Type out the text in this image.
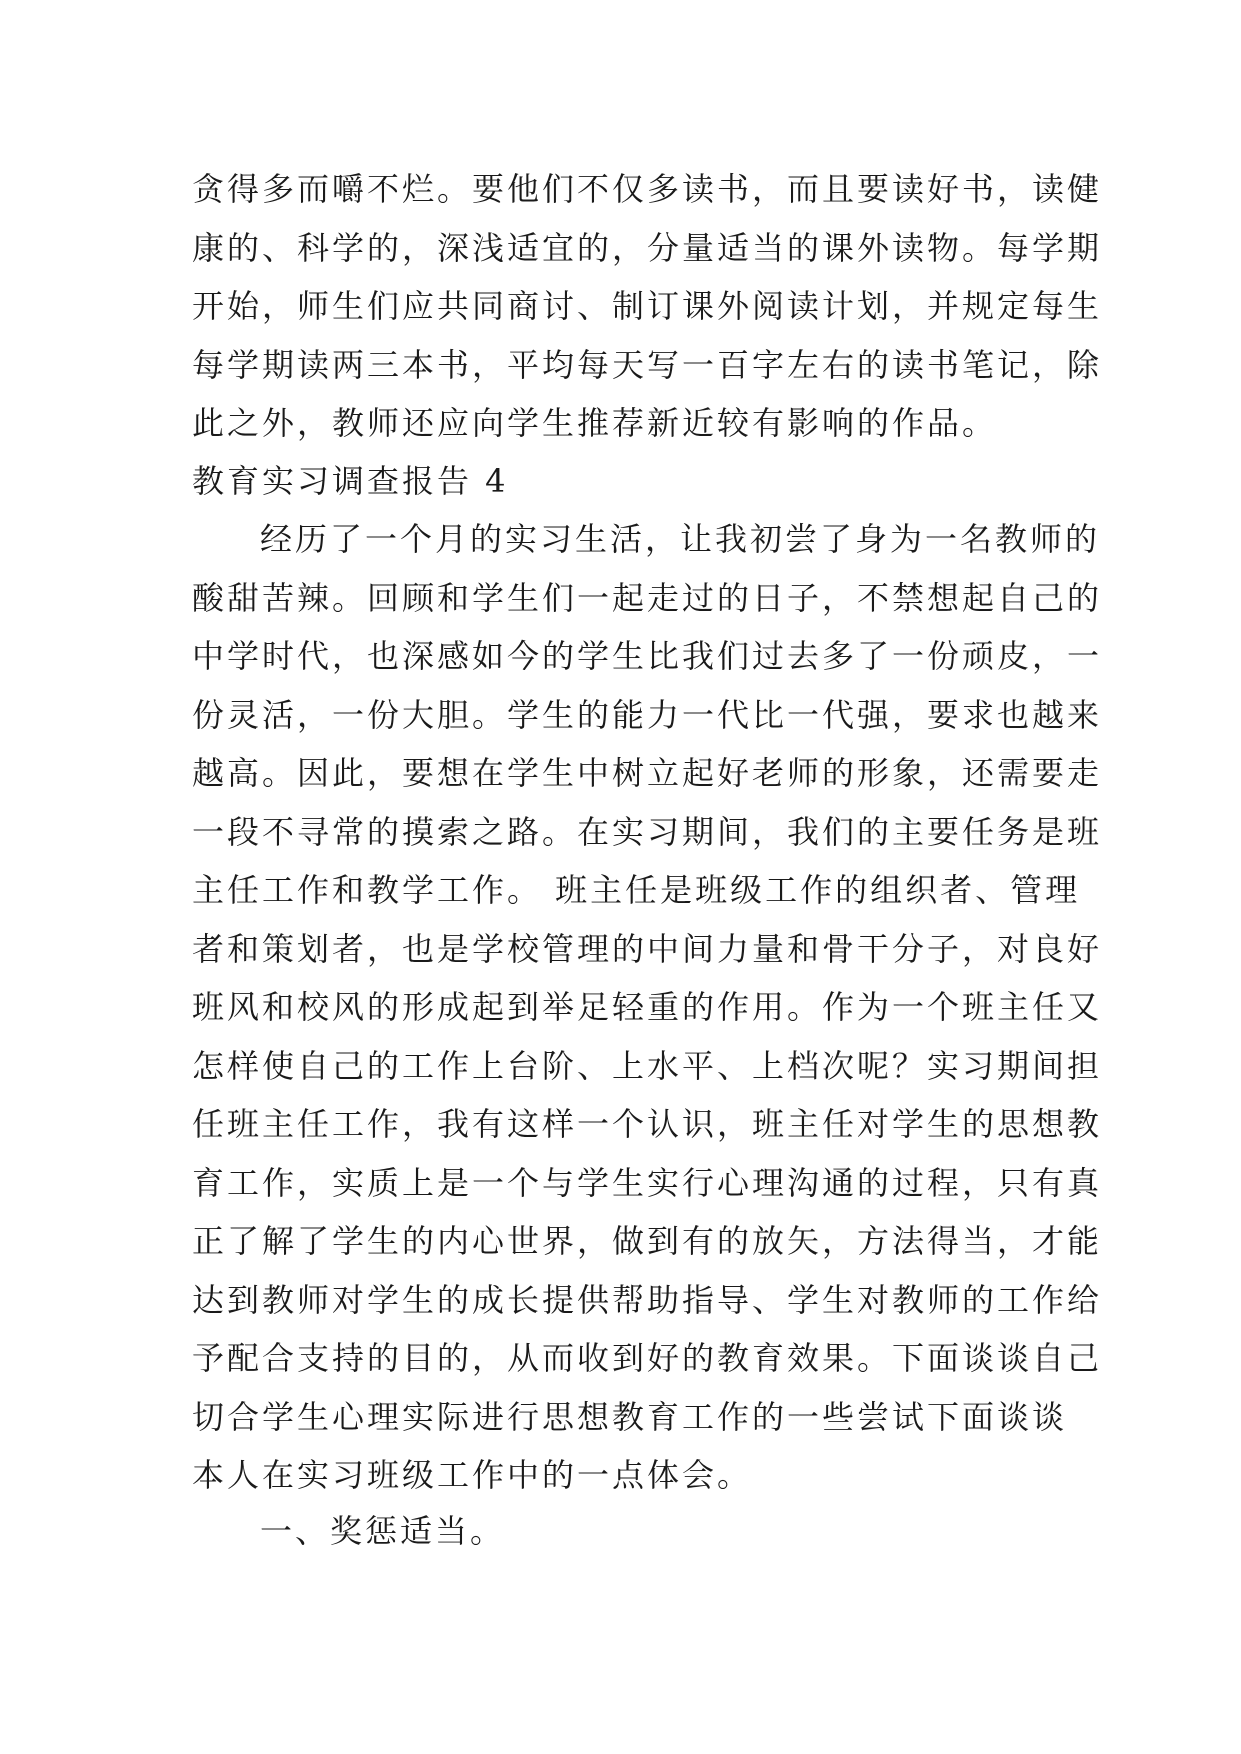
贪得多而嚼不烂。要他们不仅多读书，而且要读好书，读健
康的、科学的，深浅适宜的，分量适当的课外读物。每学期
开始，师生们应共同商讨、制订课外阅读计划，并规定每生
每学期读两三本书，平均每天写一百字左右的读书笔记，除
此之外，教师还应向学生推荐新近较有影响的作品。
教育实习调查报告 4
经历了一个月的实习生活，让我初尝了身为一名教师的
酸甜苦辣。回顾和学生们一起走过的日子，不禁想起自己的
中学时代，也深感如今的学生比我们过去多了一份顽皮，一
份灵活，一份大胆。学生的能力一代比一代强，要求也越来
越高。因此，要想在学生中树立起好老师的形象，还需要走
一段不寻常的摸索之路。在实习期间，我们的主要任务是班
主任工作和教学工作。 班主任是班级工作的组织者、管理
者和策划者，也是学校管理的中间力量和骨干分子，对良好
班风和校风的形成起到举足轻重的作用。作为一个班主任又
怎样使自己的工作上台阶、上水平、上档次呢？实习期间担
任班主任工作，我有这样一个认识，班主任对学生的思想教
育工作，实质上是一个与学生实行心理沟通的过程，只有真
正了解了学生的内心世界，做到有的放矢，方法得当，才能
达到教师对学生的成长提供帮助指导、学生对教师的工作给
予配合支持的目的，从而收到好的教育效果。下面谈谈自己
切合学生心理实际进行思想教育工作的一些尝试下面谈谈
本人在实习班级工作中的一点体会。
一、奖惩适当。
